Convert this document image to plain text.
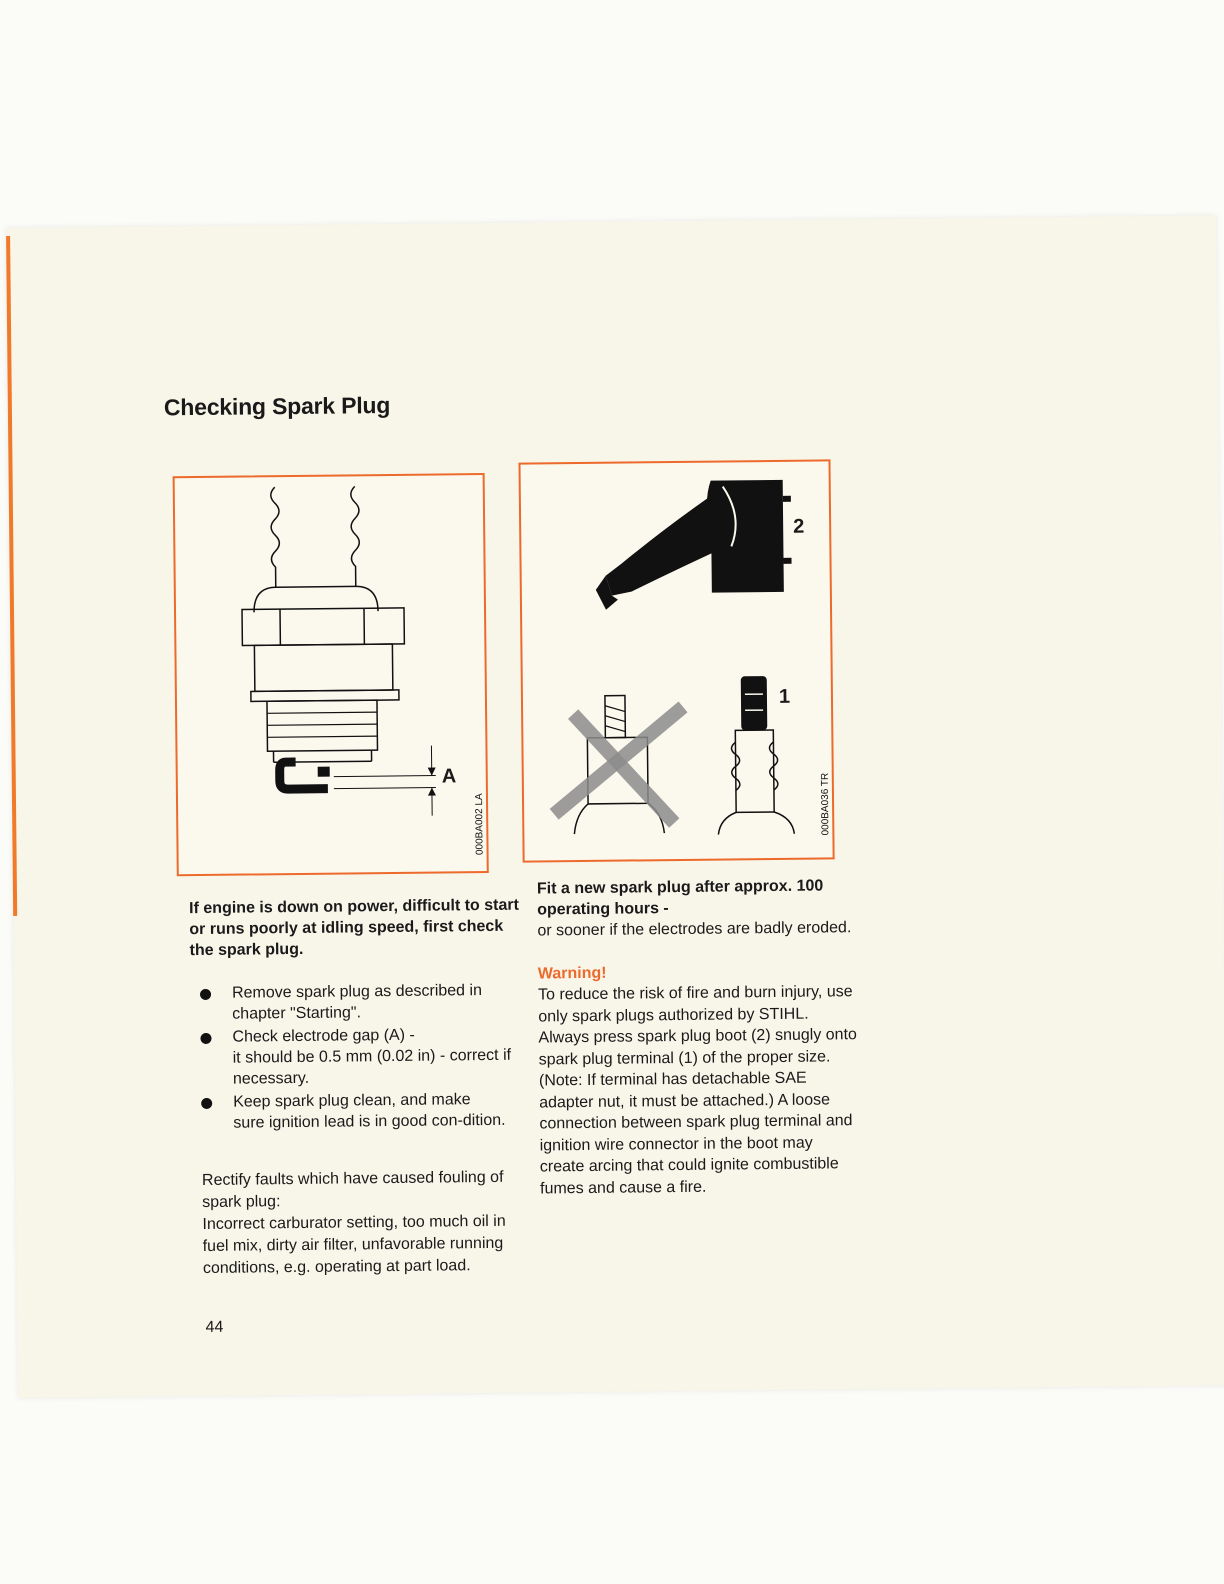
Checking Spark Plug
A
000BA002 LA
2
1
000BA036 TR
If engine is down on power, difficult to start or runs poorly at idling speed, first check the spark plug.
Remove spark plug as described in
chapter "Starting".
Check electrode gap (A) -
it should be 0.5 mm (0.02 in) - correct if necessary.
Keep spark plug clean, and make
sure ignition lead is in good con-dition.
Rectify faults which have caused fouling of spark plug:
Incorrect carburator setting, too much oil in fuel mix, dirty air filter, unfavorable running conditions, e.g. operating at part load.
44
Fit a new spark plug after approx. 100 operating hours -
or sooner if the electrodes are badly eroded.
Warning!
To reduce the risk of fire and burn injury, use only spark plugs authorized by STIHL. Always press spark plug boot (2) snugly onto spark plug terminal (1) of the proper size. (Note: If terminal has detachable SAE adapter nut, it must be attached.) A loose connection between spark plug terminal and ignition wire connector in the boot may create arcing that could ignite combustible fumes and cause a fire.
